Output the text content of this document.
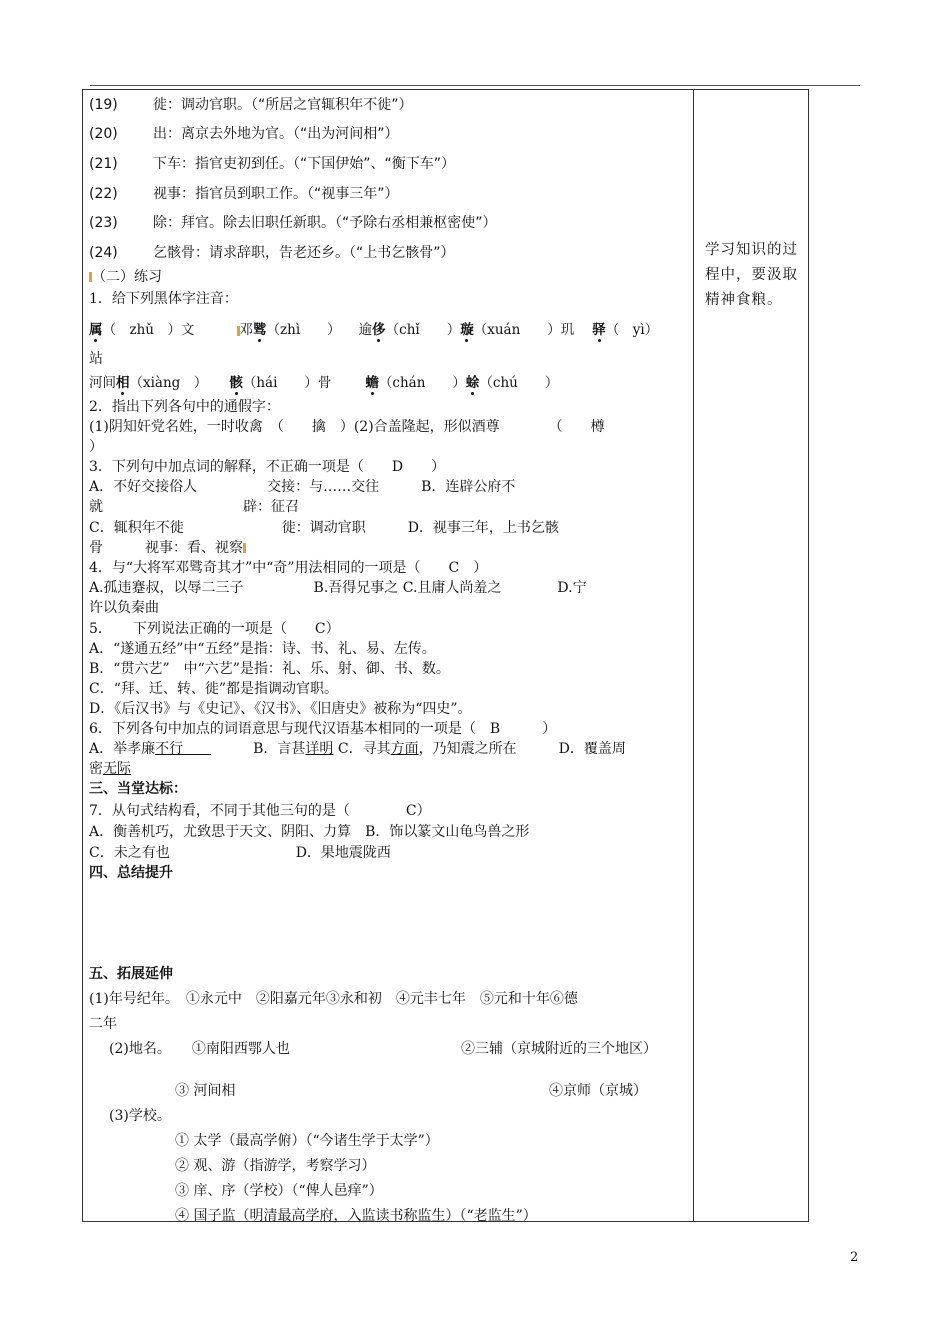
(19)	徙：调动官职。（“所居之官辄积年不徙”）
(20)	出：离京去外地为官。（“出为河间相”）
(21)	下车：指官吏初到任。（“下国伊始”、“衡下车”）
(22)	视事：指官员到职工作。（“视事三年”）
(23)	除：拜官。除去旧职任新职。（“予除右丞相兼枢密使”）
(24)	乞骸骨：请求辞职，告老还乡。（“上书乞骸骨”）
（二）练习
1．给下列黑体字注音：
属（　zhǔ　）文	邓骘（zhì　　） 逾侈（chǐ　　）璇（xuán　　）玑 驿（　yì）
站
河间相（xiàng　） 骸（hái　　）骨	蟾（chán　　）蜍（chú　　）
2．指出下列各句中的通假字：
(1)阴知奸党名姓，一时收禽　（　　擒　）(2)合盖隆起，形似酒尊　　　　（　　樽
）
3．下列句中加点词的解释，不正确一项是（　　D　　）
A．不好交接俗人　　　　　交接：与……交往　　　B．连辟公府不
就　　　　　　　　　　辟：征召
C．辄积年不徙　　　　　　　徙：调动官职　　　D．视事三年，上书乞骸
骨　　　视事：看、视察
4．与“大将军邓骘奇其才”中“奇”用法相同的一项是（　　C　）
A.孤违蹇叔，以辱二三子　　　　　B.吾得兄事之 C.且庸人尚羞之　　　　D.宁
许以负秦曲
5．　　下列说法正确的一项是（　　C）
A．“遂通五经”中“五经”是指：诗、书、礼、易、左传。
B．“贯六艺”　中“六艺”是指：礼、乐、射、御、书、数。
C．“拜、迁、转、徙”都是指调动官职。
D．《后汉书》与《史记》、《汉书》、《旧唐史》被称为“四史”。
6．下列各句中加点的词语意思与现代汉语基本相同的一项是（　B　　　）
A．举孝廉不行　　　　　B．言甚详明 C．寻其方面，乃知震之所在　　　D．覆盖周
密无际
三、当堂达标：
7．从句式结构看，不同于其他三句的是（　　　　C）
A．衡善机巧，尤致思于天文、阴阳、力算　B．饰以篆文山龟鸟兽之形
C．未之有也　　　　　　　　　D．果地震陇西
四、总结提升
五、拓展延伸
(1)年号纪年。　①永元中　②阳嘉元年③永和初　④元丰七年　⑤元和十年⑥德
二年
(2)地名。　　①南阳西鄂人也	②三辅（京城附近的三个地区）
③ 河间相	④京师（京城）
(3)学校。
① 太学（最高学俯）（“今诸生学于太学”）
② 观、游（指游学，考察学习）
③ 庠、序（学校）（“俾人邑痒”）
④ 国子监（明清最高学府，入监读书称监生）（“老监生”）
学习知识的过程中，要汲取精神食粮。
2
